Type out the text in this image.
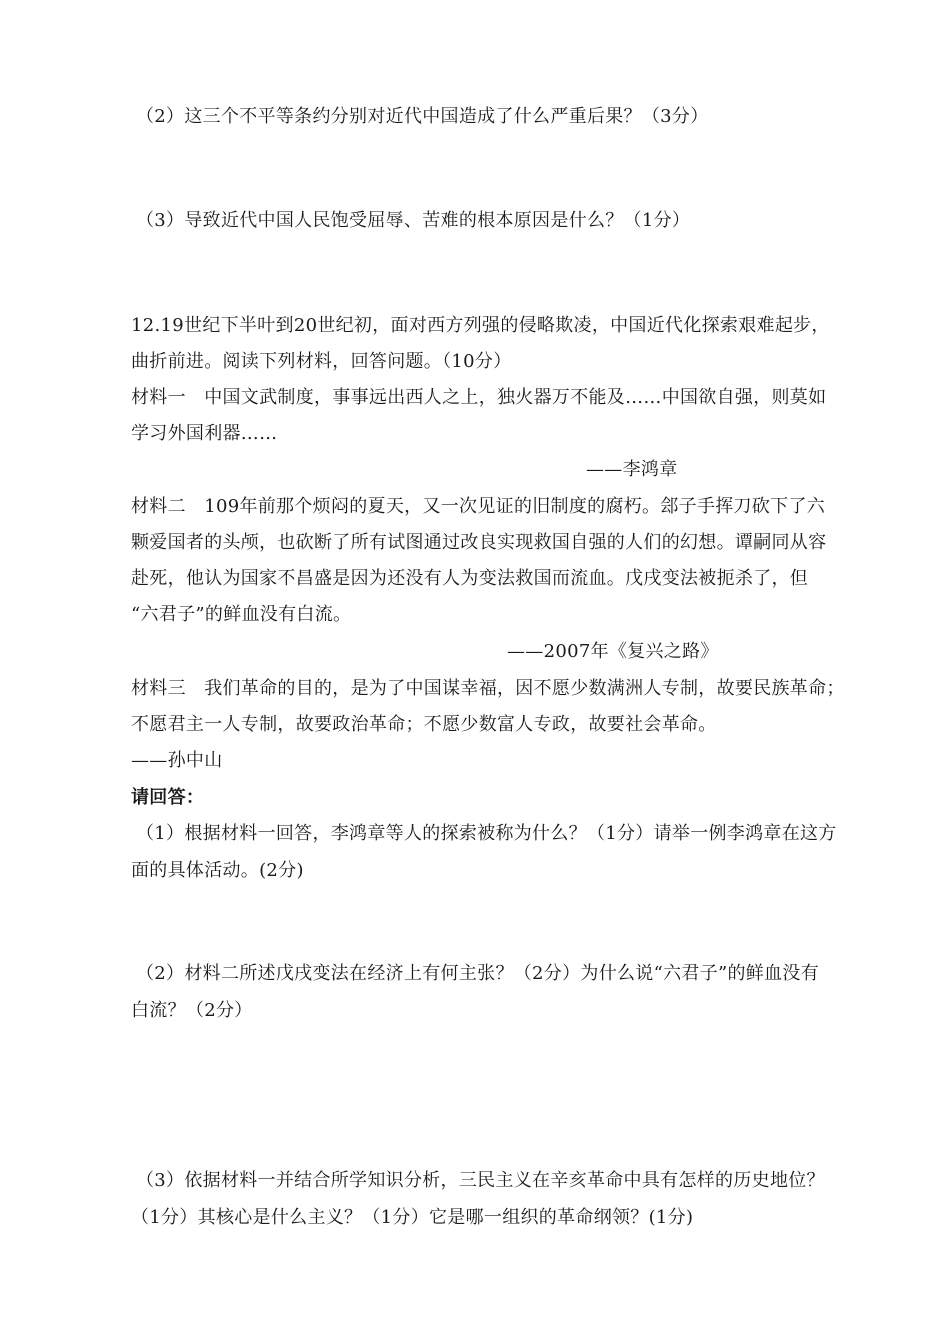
（2）这三个不平等条约分别对近代中国造成了什么严重后果？（3分）
（3）导致近代中国人民饱受屈辱、苦难的根本原因是什么？（1分）
12.19世纪下半叶到20世纪初，面对西方列强的侵略欺凌，中国近代化探索艰难起步，
曲折前进。阅读下列材料，回答问题。（10分）
材料一　中国文武制度，事事远出西人之上，独火器万不能及……中国欲自强，则莫如
学习外国利器……
——李鸿章
材料二　109年前那个烦闷的夏天，又一次见证的旧制度的腐朽。郐子手挥刀砍下了六
颗爱国者的头颅，也砍断了所有试图通过改良实现救国自强的人们的幻想。谭嗣同从容
赴死，他认为国家不昌盛是因为还没有人为变法救国而流血。戊戌变法被扼杀了，但
“六君子”的鲜血没有白流。
——2007年《复兴之路》
材料三　我们革命的目的，是为了中国谋幸福，因不愿少数满洲人专制，故要民族革命；
不愿君主一人专制，故要政治革命；不愿少数富人专政，故要社会革命。
——孙中山
请回答：
（1）根据材料一回答，李鸿章等人的探索被称为什么？（1分）请举一例李鸿章在这方
面的具体活动。(2分)
（2）材料二所述戊戌变法在经济上有何主张？（2分）为什么说“六君子”的鲜血没有
白流？（2分）
（3）依据材料一并结合所学知识分析，三民主义在辛亥革命中具有怎样的历史地位？
（1分）其核心是什么主义？（1分）它是哪一组织的革命纲领？(1分)
